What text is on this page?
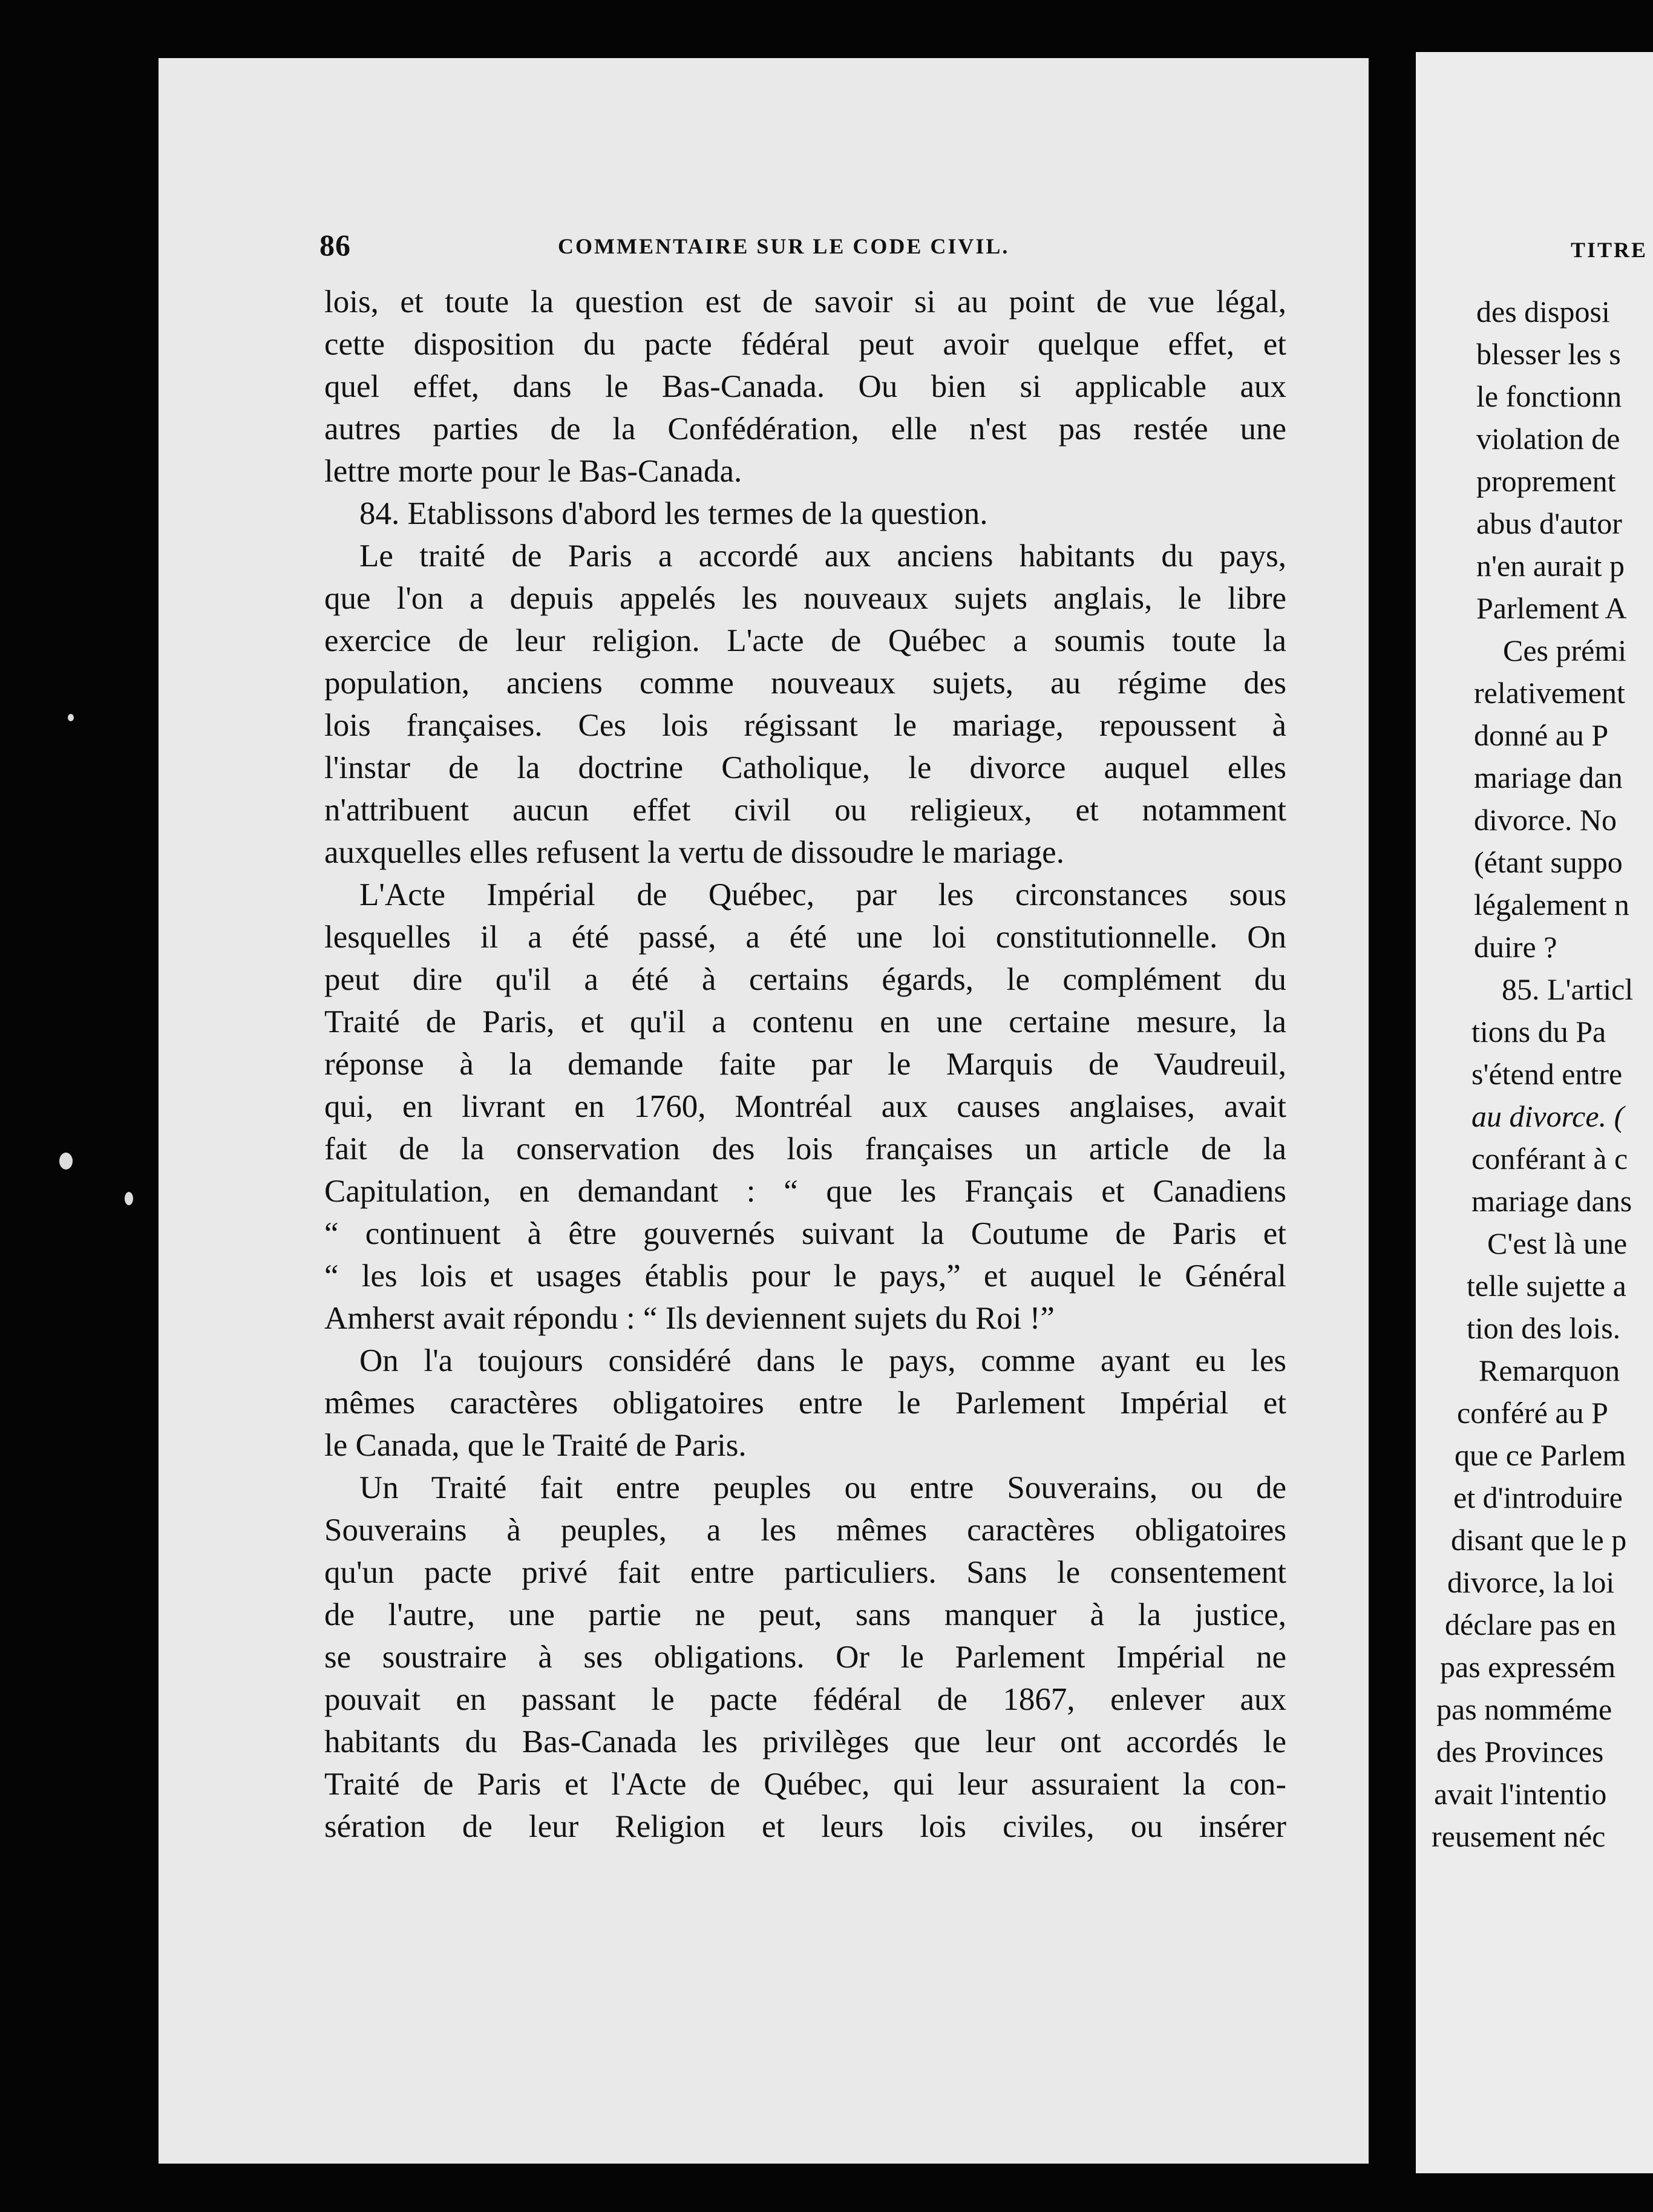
86	COMMENTAIRE SUR LE CODE CIVIL.
lois, et toute la question est de savoir si au point de vue légal,
cette disposition du pacte fédéral peut avoir quelque effet, et
quel effet, dans le Bas-Canada. Ou bien si applicable aux
autres parties de la Confédération, elle n'est pas restée une
lettre morte pour le Bas-Canada.
84. Etablissons d'abord les termes de la question.
Le traité de Paris a accordé aux anciens habitants du pays,
que l'on a depuis appelés les nouveaux sujets anglais, le libre
exercice de leur religion. L'acte de Québec a soumis toute la
population, anciens comme nouveaux sujets, au régime des
lois françaises. Ces lois régissant le mariage, repoussent à
l'instar de la doctrine Catholique, le divorce auquel elles
n'attribuent aucun effet civil ou religieux, et notamment
auxquelles elles refusent la vertu de dissoudre le mariage.
L'Acte Impérial de Québec, par les circonstances sous
lesquelles il a été passé, a été une loi constitutionnelle. On
peut dire qu'il a été à certains égards, le complément du
Traité de Paris, et qu'il a contenu en une certaine mesure, la
réponse à la demande faite par le Marquis de Vaudreuil,
qui, en livrant en 1760, Montréal aux causes anglaises, avait
fait de la conservation des lois françaises un article de la
Capitulation, en demandant : “ que les Français et Canadiens
“ continuent à être gouvernés suivant la Coutume de Paris et
“ les lois et usages établis pour le pays,” et auquel le Général
Amherst avait répondu : “ Ils deviennent sujets du Roi !”
On l'a toujours considéré dans le pays, comme ayant eu les
mêmes caractères obligatoires entre le Parlement Impérial et
le Canada, que le Traité de Paris.
Un Traité fait entre peuples ou entre Souverains, ou de
Souverains à peuples, a les mêmes caractères obligatoires
qu'un pacte privé fait entre particuliers. Sans le consentement
de l'autre, une partie ne peut, sans manquer à la justice,
se soustraire à ses obligations. Or le Parlement Impérial ne
pouvait en passant le pacte fédéral de 1867, enlever aux
habitants du Bas-Canada les privilèges que leur ont accordés le
Traité de Paris et l'Acte de Québec, qui leur assuraient la con-
sération de leur Religion et leurs lois civiles, ou insérer
TITRE
des disposi
blesser les s
le fonctionn
violation de
proprement
abus d'autor
n'en aurait p
Parlement A
Ces prémi
relativement
donné au P
mariage dan
divorce. No
(étant suppo
légalement n
duire ?
85. L'articl
tions du Pa
s'étend entre
au divorce. (
conférant à c
mariage dans
C'est là une
telle sujette a
tion des lois.
Remarquon
conféré au P
que ce Parlem
et d'introduire
disant que le p
divorce, la loi
déclare pas en
pas expressém
pas nomméme
des Provinces
avait l'intentio
reusement néc
